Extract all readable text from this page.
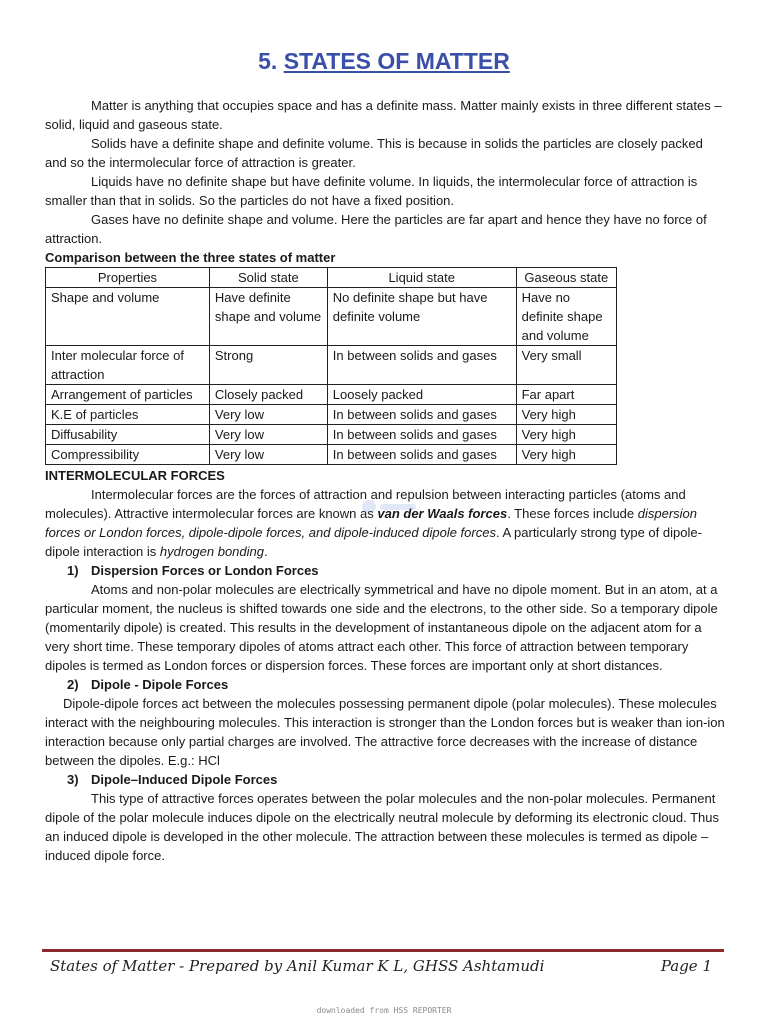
5. STATES OF MATTER

Matter is anything that occupies space and has a definite mass. Matter mainly exists in three different states – solid, liquid and gaseous state.

Solids have a definite shape and definite volume. This is because in solids the particles are closely packed and so the intermolecular force of attraction is greater.

Liquids have no definite shape but have definite volume. In liquids, the intermolecular force of attraction is smaller than that in solids. So the particles do not have a fixed position.

Gases have no definite shape and volume. Here the particles are far apart and hence they have no force of attraction.

Comparison between the three states of matter

Properties	Solid state	Liquid state	Gaseous state
Shape and volume	Have definite shape and volume	No definite shape but have definite volume	Have no definite shape and volume
Inter molecular force of attraction	Strong	In between solids and gases	Very small
Arrangement of particles	Closely packed	Loosely packed	Far apart
K.E of particles	Very low	In between solids and gases	Very high
Diffusability	Very low	In between solids and gases	Very high
Compressibility	Very low	In between solids and gases	Very high

INTERMOLECULAR FORCES

Intermolecular forces are the forces of attraction and repulsion between interacting particles (atoms and molecules). Attractive intermolecular forces are known as van der Waals forces. These forces include dispersion forces or London forces, dipole-dipole forces, and dipole-induced dipole forces. A particularly strong type of dipole-dipole interaction is hydrogen bonding.

1) Dispersion Forces or London Forces

Atoms and non-polar molecules are electrically symmetrical and have no dipole moment. But in an atom, at a particular moment, the nucleus is shifted towards one side and the electrons, to the other side. So a temporary dipole (momentarily dipole) is created. This results in the development of instantaneous dipole on the adjacent atom for a very short time. These temporary dipoles of atoms attract each other. This force of attraction between temporary dipoles is termed as London forces or dispersion forces. These forces are important only at short distances.

2) Dipole - Dipole Forces

Dipole-dipole forces act between the molecules possessing permanent dipole (polar molecules). These molecules interact with the neighbouring molecules. This interaction is stronger than the London forces but is weaker than ion-ion interaction because only partial charges are involved. The attractive force decreases with the increase of distance between the dipoles. E.g.: HCl

3) Dipole–Induced Dipole Forces

This type of attractive forces operates between the polar molecules and the non-polar molecules. Permanent dipole of the polar molecule induces dipole on the electrically neutral molecule by deforming its electronic cloud. Thus an induced dipole is developed in the other molecule. The attraction between these molecules is termed as dipole – induced dipole force.

States of Matter - Prepared by Anil Kumar K L, GHSS Ashtamudi	Page 1
downloaded from HSS REPORTER
